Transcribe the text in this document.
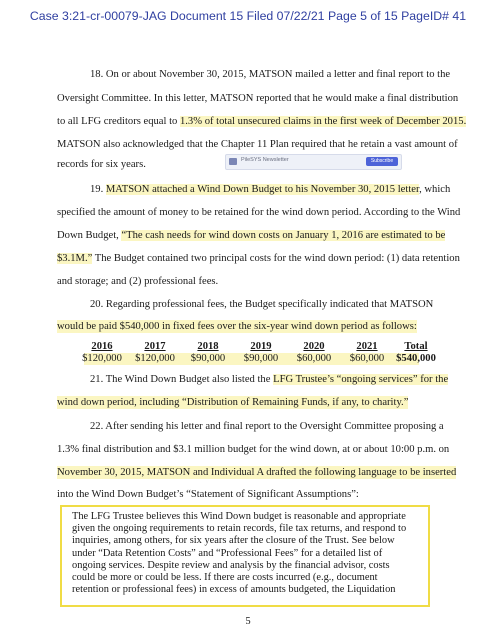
Case 3:21-cr-00079-JAG Document 15 Filed 07/22/21 Page 5 of 15 PageID# 41
18. On or about November 30, 2015, MATSON mailed a letter and final report to the
Oversight Committee. In this letter, MATSON reported that he would make a final distribution
to all LFG creditors equal to 1.3% of total unsecured claims in the first week of December 2015.
MATSON also acknowledged that the Chapter 11 Plan required that he retain a vast amount of
records for six years.	PileSYS Newsletter	Subscribe
19. MATSON attached a Wind Down Budget to his November 30, 2015 letter, which
specified the amount of money to be retained for the wind down period. According to the Wind
Down Budget, “The cash needs for wind down costs on January 1, 2016 are estimated to be
$3.1M.” The Budget contained two principal costs for the wind down period: (1) data retention
and storage; and (2) professional fees.
20. Regarding professional fees, the Budget specifically indicated that MATSON
would be paid $540,000 in fixed fees over the six-year wind down period as follows:
2016	2017	2018	2019	2020	2021	Total
$120,000 $120,000 $90,000 $90,000 $60,000 $60,000 $540,000
21. The Wind Down Budget also listed the LFG Trustee’s “ongoing services” for the
wind down period, including “Distribution of Remaining Funds, if any, to charity.”
22. After sending his letter and final report to the Oversight Committee proposing a
1.3% final distribution and $3.1 million budget for the wind down, at or about 10:00 p.m. on
November 30, 2015, MATSON and Individual A drafted the following language to be inserted
into the Wind Down Budget’s “Statement of Significant Assumptions”:
The LFG Trustee believes this Wind Down budget is reasonable and appropriate
given the ongoing requirements to retain records, file tax returns, and respond to
inquiries, among others, for six years after the closure of the Trust. See below
under “Data Retention Costs” and “Professional Fees” for a detailed list of
ongoing services. Despite review and analysis by the financial advisor, costs
could be more or could be less. If there are costs incurred (e.g., document
retention or professional fees) in excess of amounts budgeted, the Liquidation
5
